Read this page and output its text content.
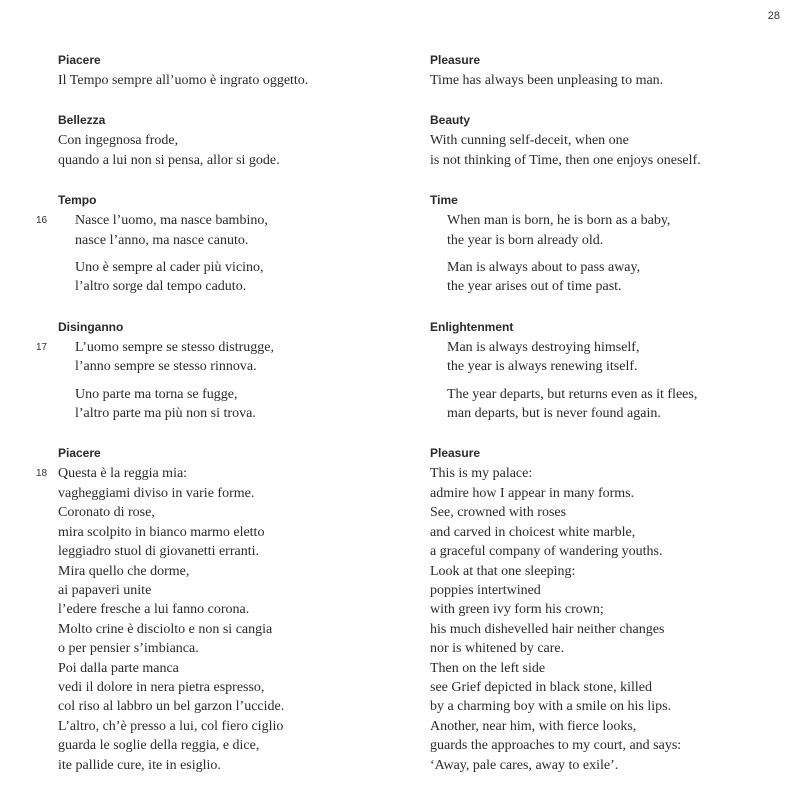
28
Piacere
Il Tempo sempre all’uomo è ingrato oggetto.
Bellezza
Con ingegnosa frode,
quando a lui non si pensa, allor si gode.
Tempo
16	Nasce l’uomo, ma nasce bambino,
nasce l’anno, ma nasce canuto.
Uno è sempre al cader più vicino,
l’altro sorge dal tempo caduto.
Disinganno
17	L’uomo sempre se stesso distrugge,
l’anno sempre se stesso rinnova.
Uno parte ma torna se fugge,
l’altro parte ma più non si trova.
Piacere
18 Questa è la reggia mia:
vagheggiami diviso in varie forme.
Coronato di rose,
mira scolpito in bianco marmo eletto
leggiadro stuol di giovanetti erranti.
Mira quello che dorme,
ai papaveri unite
l’edere fresche a lui fanno corona.
Molto crine è disciolto e non si cangia
o per pensier s’imbianca.
Poi dalla parte manca
vedi il dolore in nera pietra espresso,
col riso al labbro un bel garzon l’uccide.
L’altro, ch’è presso a lui, col fiero ciglio
guarda le soglie della reggia, e dice,
ite pallide cure, ite in esiglio.
Pleasure
Time has always been unpleasing to man.
Beauty
With cunning self-deceit, when one
is not thinking of Time, then one enjoys oneself.
Time
When man is born, he is born as a baby,
the year is born already old.
Man is always about to pass away,
the year arises out of time past.
Enlightenment
Man is always destroying himself,
the year is always renewing itself.
The year departs, but returns even as it flees,
man departs, but is never found again.
Pleasure
This is my palace:
admire how I appear in many forms.
See, crowned with roses
and carved in choicest white marble,
a graceful company of wandering youths.
Look at that one sleeping:
poppies intertwined
with green ivy form his crown;
his much dishevelled hair neither changes
nor is whitened by care.
Then on the left side
see Grief depicted in black stone, killed
by a charming boy with a smile on his lips.
Another, near him, with fierce looks,
guards the approaches to my court, and says:
‘Away, pale cares, away to exile’.
